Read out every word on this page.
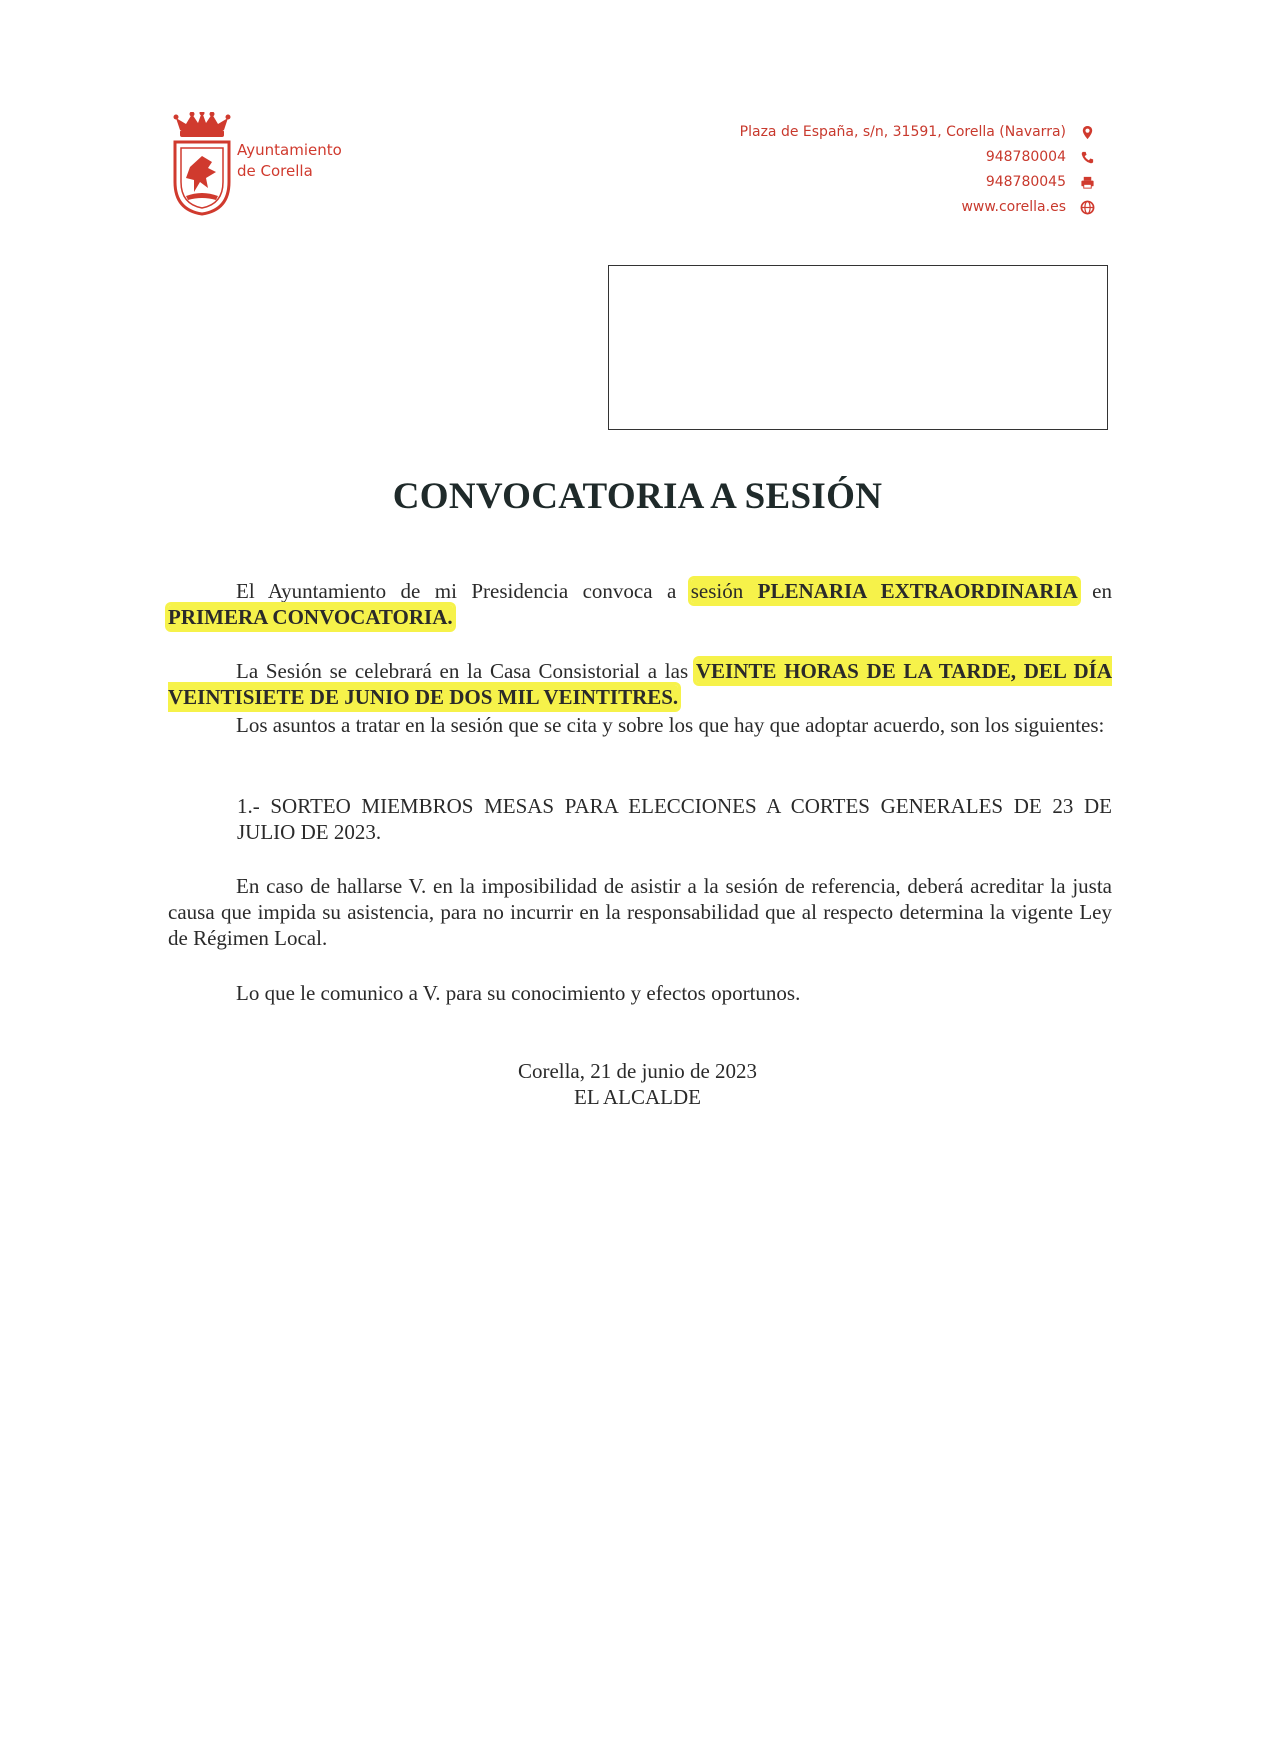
Ayuntamiento
de Corella
Plaza de España, s/n, 31591, Corella (Navarra)
948780004
948780045
www.corella.es
CONVOCATORIA A SESIÓN
El Ayuntamiento de mi Presidencia convoca a sesión PLENARIA EXTRAORDINARIA en PRIMERA CONVOCATORIA.
La Sesión se celebrará en la Casa Consistorial a las VEINTE HORAS DE LA TARDE, DEL DÍA VEINTISIETE DE JUNIO DE DOS MIL VEINTITRES.
Los asuntos a tratar en la sesión que se cita y sobre los que hay que adoptar acuerdo, son los siguientes:
1.- SORTEO MIEMBROS MESAS PARA ELECCIONES A CORTES GENERALES DE 23 DE JULIO DE 2023.
En caso de hallarse V. en la imposibilidad de asistir a la sesión de referencia, deberá acreditar la justa causa que impida su asistencia, para no incurrir en la responsabilidad que al respecto determina la vigente Ley de Régimen Local.
Lo que le comunico a V. para su conocimiento y efectos oportunos.
Corella, 21 de junio de 2023
EL ALCALDE
